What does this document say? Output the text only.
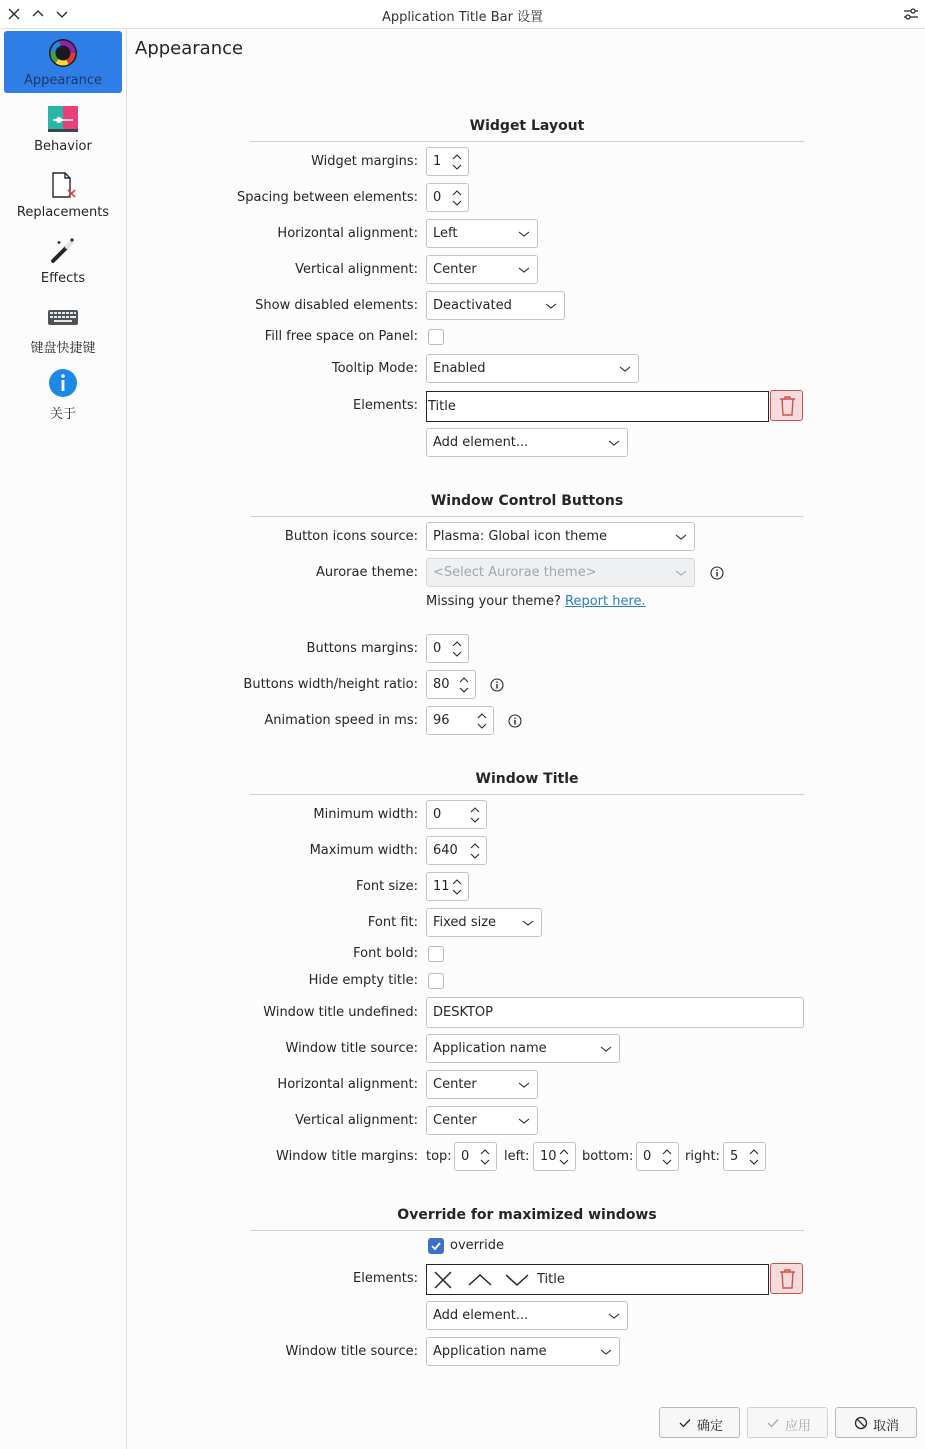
Application Title Bar 设置
Appearance
Behavior
Replacements
Effects
键盘快捷键
关于
Appearance
Widget Layout
Widget margins: 1
Spacing between elements: 0
Horizontal alignment: Left
Vertical alignment: Center
Show disabled elements: Deactivated
Fill free space on Panel:
Tooltip Mode: Enabled
Elements: Title
Add element...
Window Control Buttons
Button icons source: Plasma: Global icon theme
Aurorae theme: <Select Aurorae theme>
Missing your theme? Report here.
Buttons margins: 0
Buttons width/height ratio: 80
Animation speed in ms: 96
Window Title
Minimum width: 0
Maximum width: 640
Font size: 11
Font fit: Fixed size
Font bold:
Hide empty title:
Window title undefined: DESKTOP
Window title source: Application name
Horizontal alignment: Center
Vertical alignment: Center
Window title margins: top: 0	left: 10 bottom: 0	right: 5
Override for maximized windows
override
Elements:	Title
Add element...
Window title source: Application name
确定	应用	取消
